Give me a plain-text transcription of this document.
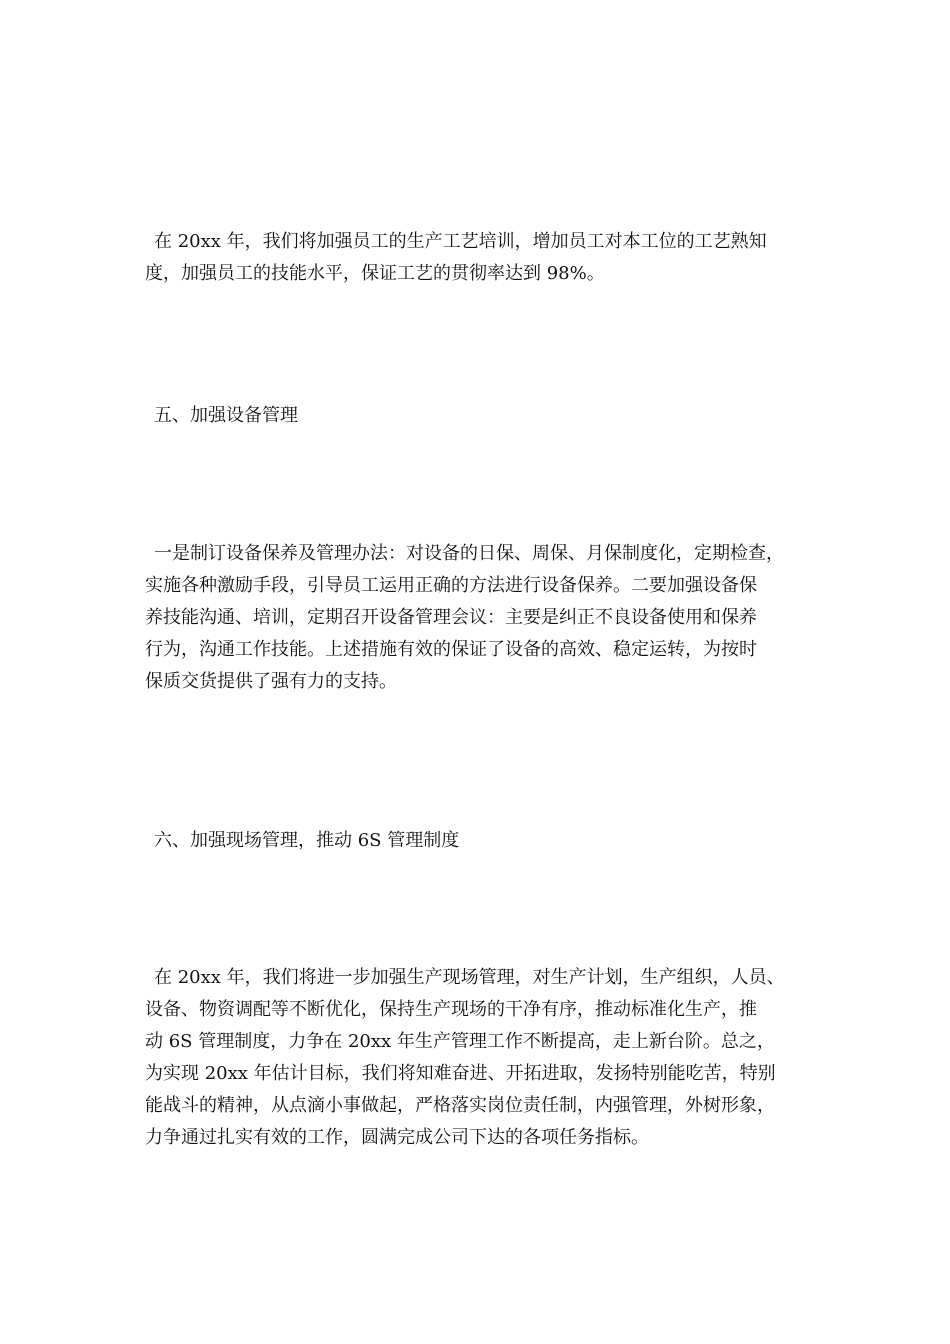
在 20xx 年，我们将加强员工的生产工艺培训，增加员工对本工位的工艺熟知
度，加强员工的技能水平，保证工艺的贯彻率达到 98%。

五、加强设备管理

一是制订设备保养及管理办法：对设备的日保、周保、月保制度化，定期检查，
实施各种激励手段，引导员工运用正确的方法进行设备保养。二要加强设备保
养技能沟通、培训，定期召开设备管理会议：主要是纠正不良设备使用和保养
行为，沟通工作技能。上述措施有效的保证了设备的高效、稳定运转，为按时
保质交货提供了强有力的支持。

六、加强现场管理，推动 6S 管理制度

在 20xx 年，我们将进一步加强生产现场管理，对生产计划，生产组织，人员、
设备、物资调配等不断优化，保持生产现场的干净有序，推动标准化生产，推
动 6S 管理制度，力争在 20xx 年生产管理工作不断提高，走上新台阶。总之，
为实现 20xx 年估计目标，我们将知难奋进、开拓进取，发扬特别能吃苦，特别
能战斗的精神，从点滴小事做起，严格落实岗位责任制，内强管理，外树形象，
力争通过扎实有效的工作，圆满完成公司下达的各项任务指标。
